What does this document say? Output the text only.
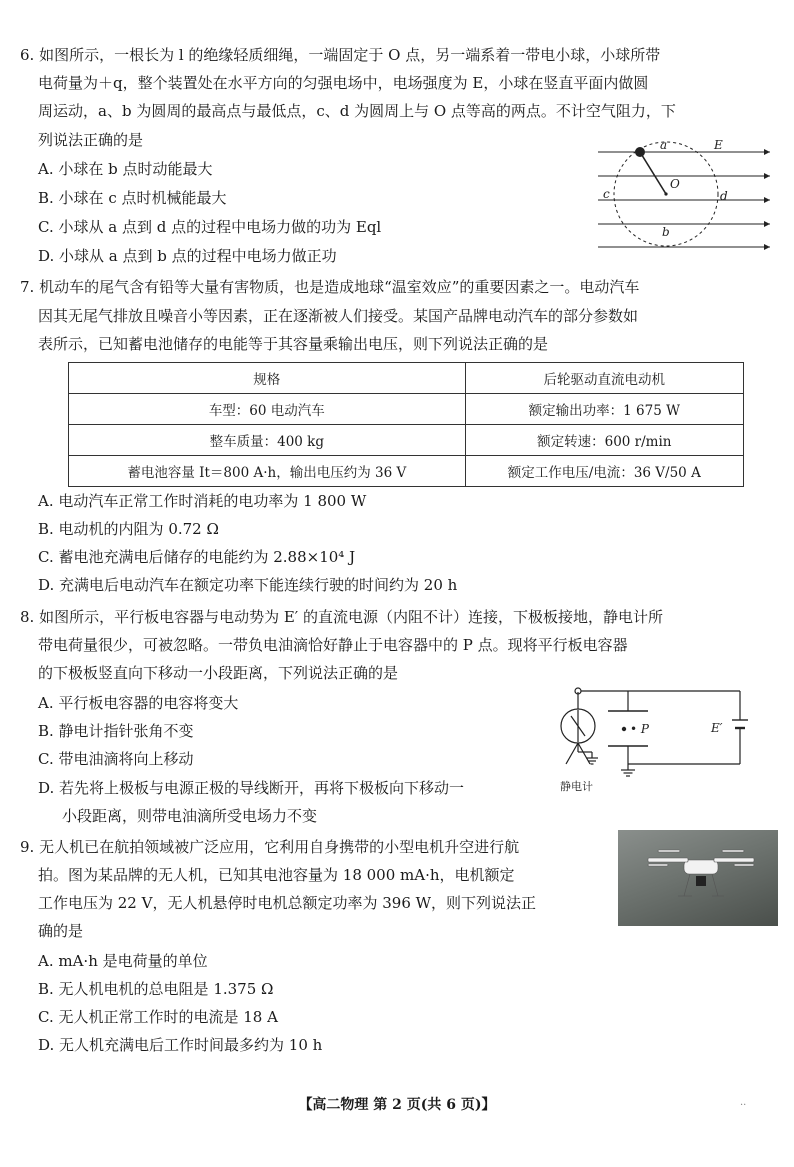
6. 如图所示，一根长为 l 的绝缘轻质细绳，一端固定于 O 点，另一端系着一带电小球，小球所带
电荷量为＋q，整个装置处在水平方向的匀强电场中，电场强度为 E，小球在竖直平面内做圆
周运动，a、b 为圆周的最高点与最低点，c、d 为圆周上与 O 点等高的两点。不计空气阻力，下
列说法正确的是
A. 小球在 b 点时动能最大
B. 小球在 c 点时机械能最大
C. 小球从 a 点到 d 点的过程中电场力做的功为 Eql
D. 小球从 a 点到 b 点的过程中电场力做正功
a	E
O
c	d
b
7. 机动车的尾气含有铅等大量有害物质，也是造成地球“温室效应”的重要因素之一。电动汽车
因其无尾气排放且噪音小等因素，正在逐渐被人们接受。某国产品牌电动汽车的部分参数如
表所示，已知蓄电池储存的电能等于其容量乘输出电压，则下列说法正确的是
规格	后轮驱动直流电动机
车型：60 电动汽车	额定输出功率：1 675 W
整车质量：400 kg	额定转速：600 r/min
蓄电池容量 It＝800 A·h，输出电压约为 36 V	额定工作电压/电流：36 V/50 A
A. 电动汽车正常工作时消耗的电功率为 1 800 W
B. 电动机的内阻为 0.72 Ω
C. 蓄电池充满电后储存的电能约为 2.88×10⁴ J
D. 充满电后电动汽车在额定功率下能连续行驶的时间约为 20 h
8. 如图所示，平行板电容器与电动势为 E′ 的直流电源（内阻不计）连接，下极板接地，静电计所
带电荷量很少，可被忽略。一带负电油滴恰好静止于电容器中的 P 点。现将平行板电容器
的下极板竖直向下移动一小段距离，下列说法正确的是
A. 平行板电容器的电容将变大
B. 静电计指针张角不变
C. 带电油滴将向上移动
D. 若先将上极板与电源正极的导线断开，再将下极板向下移动一
小段距离，则带电油滴所受电场力不变
• P	E′
静电计
9. 无人机已在航拍领域被广泛应用，它利用自身携带的小型电机升空进行航
拍。图为某品牌的无人机，已知其电池容量为 18 000 mA·h，电机额定
工作电压为 22 V，无人机悬停时电机总额定功率为 396 W，则下列说法正
确的是
A. mA·h 是电荷量的单位
B. 无人机电机的总电阻是 1.375 Ω
C. 无人机正常工作时的电流是 18 A
D. 无人机充满电后工作时间最多约为 10 h
【高二物理 第 2 页(共 6 页)】	··
